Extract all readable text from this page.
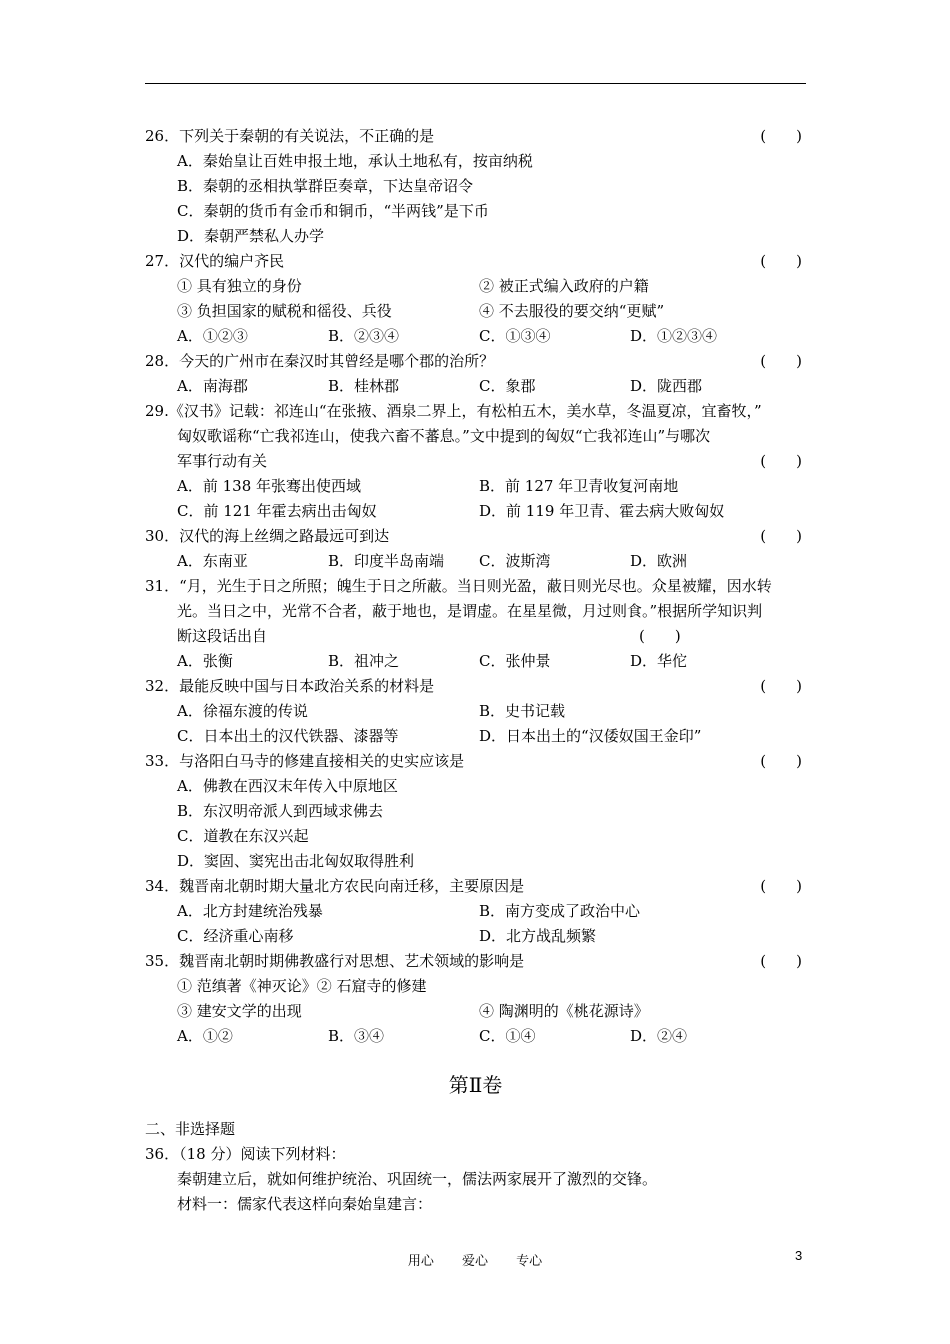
26．下列关于秦朝的有关说法，不正确的是	(　　)
A．秦始皇让百姓申报土地，承认土地私有，按亩纳税
B．秦朝的丞相执掌群臣奏章，下达皇帝诏令
C．秦朝的货币有金币和铜币，“半两钱”是下币
D．秦朝严禁私人办学
27．汉代的编户齐民	(　　)
① 具有独立的身份	② 被正式编入政府的户籍
③ 负担国家的赋税和徭役、兵役	④ 不去服役的要交纳“更赋”
A．①②③	B．②③④	C．①③④	D．①②③④
28．今天的广州市在秦汉时其曾经是哪个郡的治所？	(　　)
A．南海郡	B．桂林郡	C．象郡	D．陇西郡
29.《汉书》记载：祁连山“在张掖、酒泉二界上，有松柏五木，美水草，冬温夏凉，宜畜牧，”
匈奴歌谣称“亡我祁连山，使我六畜不蕃息。”文中提到的匈奴“亡我祁连山”与哪次
军事行动有关	(　　)
A．前 138 年张骞出使西域	B．前 127 年卫青收复河南地
C．前 121 年霍去病出击匈奴	D．前 119 年卫青、霍去病大败匈奴
30．汉代的海上丝绸之路最远可到达	(　　)
A．东南亚	B．印度半岛南端	C．波斯湾	D．欧洲
31．“月，光生于日之所照；魄生于日之所蔽。当日则光盈，蔽日则光尽也。众星被耀，因水转
光。当日之中，光常不合者，蔽于地也，是谓虚。在星星微，月过则食。”根据所学知识判
断这段话出自	(　　)
A．张衡	B．祖冲之	C．张仲景	D．华佗
32．最能反映中国与日本政治关系的材料是	(　　)
A．徐福东渡的传说	B．史书记载
C．日本出土的汉代铁器、漆器等	D．日本出土的“汉倭奴国王金印”
33．与洛阳白马寺的修建直接相关的史实应该是	(　　)
A．佛教在西汉末年传入中原地区
B．东汉明帝派人到西域求佛去
C．道教在东汉兴起
D．窦固、窦宪出击北匈奴取得胜利
34．魏晋南北朝时期大量北方农民向南迁移，主要原因是	(　　)
A．北方封建统治残暴	B．南方变成了政治中心
C．经济重心南移	D．北方战乱频繁
35．魏晋南北朝时期佛教盛行对思想、艺术领域的影响是	(　　)
① 范缜著《神灭论》② 石窟寺的修建
③ 建安文学的出现	④ 陶渊明的《桃花源诗》
A．①②	B．③④	C．①④	D．②④
第Ⅱ卷
二、非选择题
36．（18 分）阅读下列材料：
秦朝建立后，就如何维护统治、巩固统一，儒法两家展开了激烈的交锋。
材料一：儒家代表这样向秦始皇建言：
用心 爱心 专心	3
